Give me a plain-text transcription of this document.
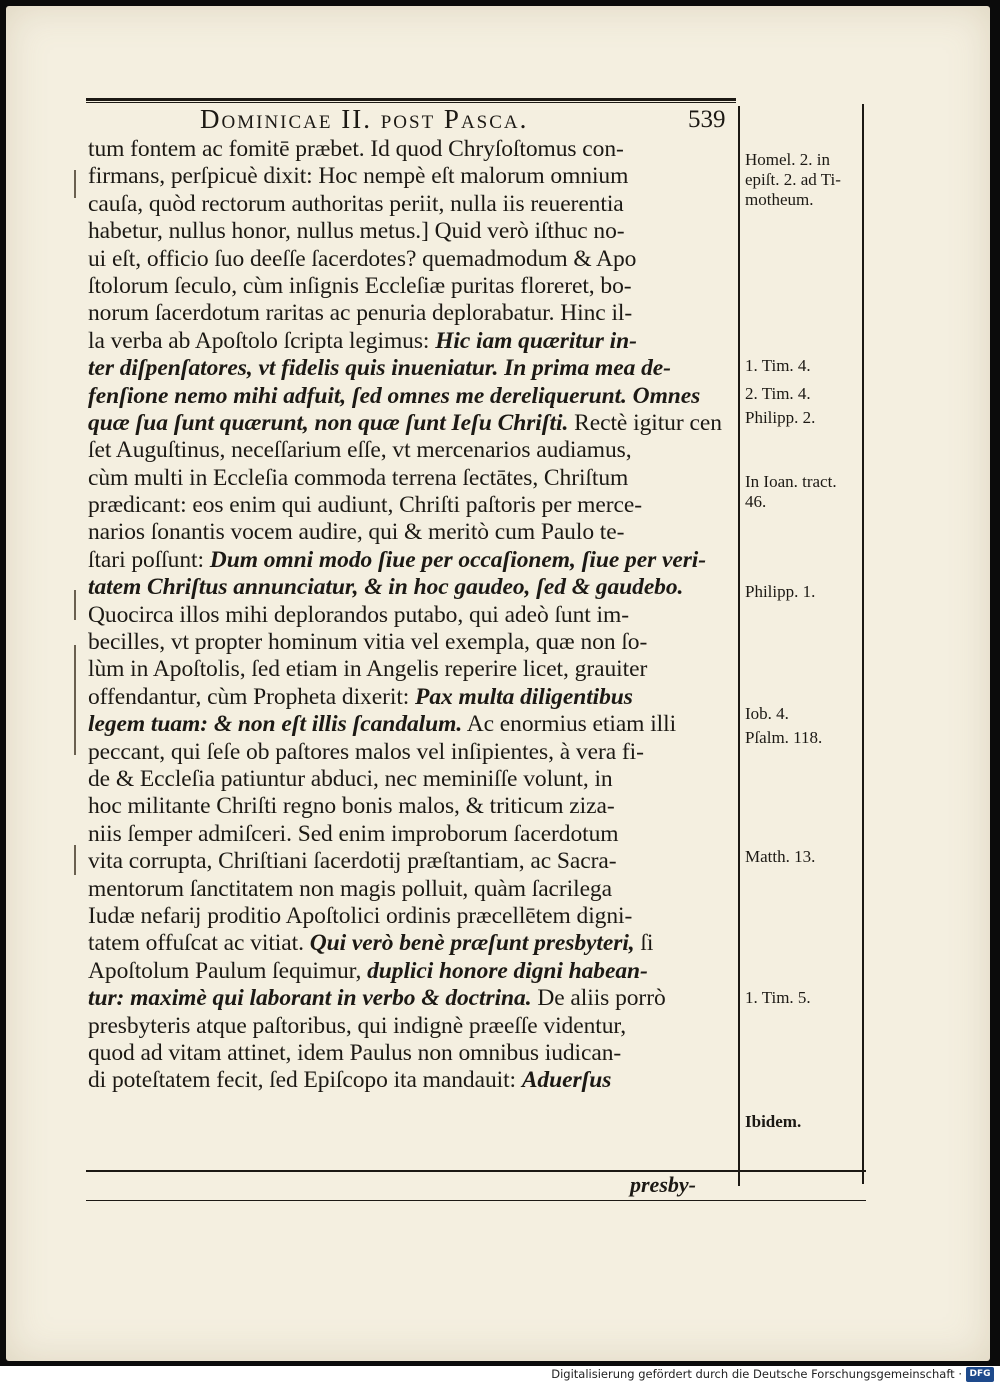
Dominicae II. post Pasca.	539
tum fontem ac fomitē præbet. Id quod Chryſoſtomus con-
firmans, perſpicuè dixit: Hoc nempè eſt malorum omnium
cauſa, quòd rectorum authoritas periit, nulla iis reuerentia
habetur, nullus honor, nullus metus.] Quid verò iſthuc no-
ui eſt, officio ſuo deeſſe ſacerdotes? quemadmodum & Apo
ſtolorum ſeculo, cùm inſignis Eccleſiæ puritas floreret, bo-
norum ſacerdotum raritas ac penuria deplorabatur. Hinc il-
la verba ab Apoſtolo ſcripta legimus: Hic iam quæritur in-
ter diſpenſatores, vt fidelis quis inueniatur. In prima mea de-
fenſione nemo mihi adfuit, ſed omnes me dereliquerunt. Omnes
quæ ſua ſunt quærunt, non quæ ſunt Ieſu Chriſti. Rectè igitur cen
ſet Auguſtinus, neceſſarium eſſe, vt mercenarios audiamus,
cùm multi in Eccleſia commoda terrena ſectātes, Chriſtum
prædicant: eos enim qui audiunt, Chriſti paſtoris per merce-
narios ſonantis vocem audire, qui & meritò cum Paulo te-
ſtari poſſunt: Dum omni modo ſiue per occaſionem, ſiue per veri-
tatem Chriſtus annunciatur, & in hoc gaudeo, ſed & gaudebo.
Quocirca illos mihi deplorandos putabo, qui adeò ſunt im-
becilles, vt propter hominum vitia vel exempla, quæ non ſo-
lùm in Apoſtolis, ſed etiam in Angelis reperire licet, grauiter
offendantur, cùm Propheta dixerit: Pax multa diligentibus
legem tuam: & non eſt illis ſcandalum. Ac enormius etiam illi
peccant, qui ſeſe ob paſtores malos vel inſipientes, à vera fi-
de & Eccleſia patiuntur abduci, nec meminiſſe volunt, in
hoc militante Chriſti regno bonis malos, & triticum ziza-
niis ſemper admiſceri. Sed enim improborum ſacerdotum
vita corrupta, Chriſtiani ſacerdotij præſtantiam, ac Sacra-
mentorum ſanctitatem non magis polluit, quàm ſacrilega
Iudæ nefarij proditio Apoſtolici ordinis præcellētem digni-
tatem offuſcat ac vitiat. Qui verò benè præſunt presbyteri, ſi
Apoſtolum Paulum ſequimur, duplici honore digni habean-
tur: maximè qui laborant in verbo & doctrina. De aliis porrò
presbyteris atque paſtoribus, qui indignè præeſſe videntur,
quod ad vitam attinet, idem Paulus non omnibus iudican-
di poteſtatem fecit, ſed Epiſcopo ita mandauit: Aduerſus
presby-
Homel. 2. in
epiſt. 2. ad Ti-
motheum.
1. Tim. 4.
2. Tim. 4.
Philipp. 2.
In Ioan. tract.
46.
Philipp. 1.
Iob. 4.
Pſalm. 118.
Matth. 13.
1. Tim. 5.
Ibidem.
Digitalisierung gefördert durch die Deutsche Forschungsgemeinschaft · DFG
